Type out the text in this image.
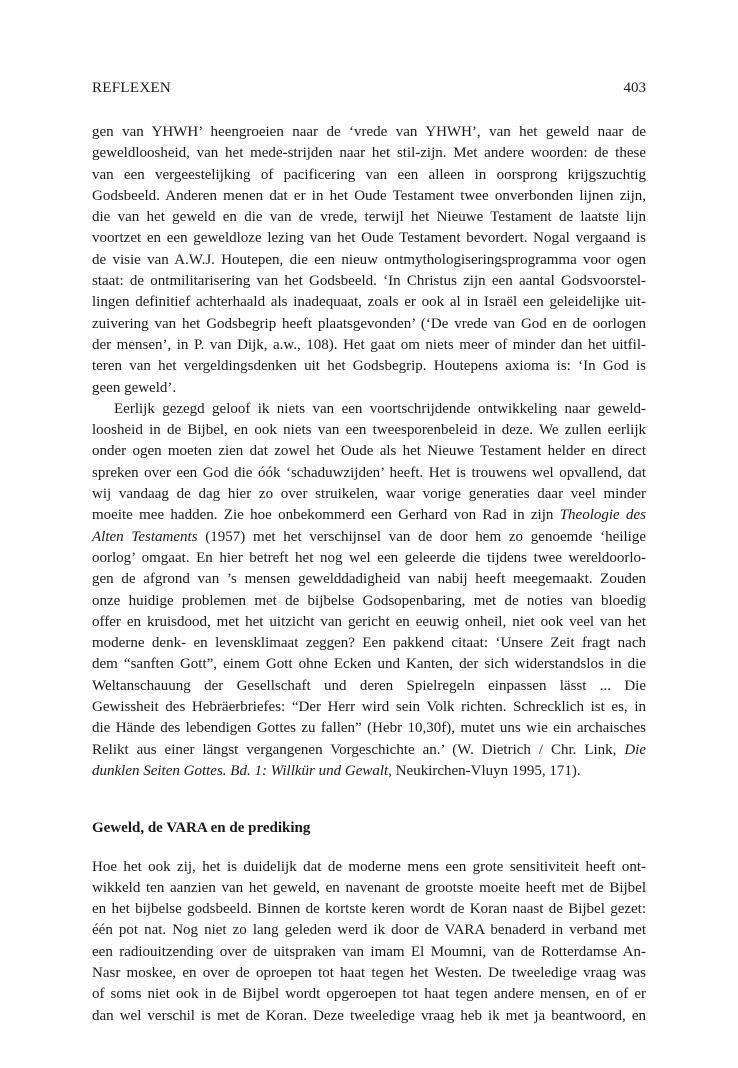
REFLEXEN	403
gen van YHWH’ heengroeien naar de ‘vrede van YHWH’, van het geweld naar de
geweldloosheid, van het mede-strijden naar het stil-zijn. Met andere woorden: de these
van een vergeestelijking of pacificering van een alleen in oorsprong krijgszuchtig
Godsbeeld. Anderen menen dat er in het Oude Testament twee onverbonden lijnen zijn,
die van het geweld en die van de vrede, terwijl het Nieuwe Testament de laatste lijn
voortzet en een geweldloze lezing van het Oude Testament bevordert. Nogal vergaand is
de visie van A.W.J. Houtepen, die een nieuw ontmythologiseringsprogramma voor ogen
staat: de ontmilitarisering van het Godsbeeld. ‘In Christus zijn een aantal Godsvoorstel-
lingen definitief achterhaald als inadequaat, zoals er ook al in Israël een geleidelijke uit-
zuivering van het Godsbegrip heeft plaatsgevonden’ (‘De vrede van God en de oorlogen
der mensen’, in P. van Dijk, a.w., 108). Het gaat om niets meer of minder dan het uitfil-
teren van het vergeldingsdenken uit het Godsbegrip. Houtepens axioma is: ‘In God is
geen geweld’.
Eerlijk gezegd geloof ik niets van een voortschrijdende ontwikkeling naar geweld-
loosheid in de Bijbel, en ook niets van een tweesporenbeleid in deze. We zullen eerlijk
onder ogen moeten zien dat zowel het Oude als het Nieuwe Testament helder en direct
spreken over een God die óók ‘schaduwzijden’ heeft. Het is trouwens wel opvallend, dat
wij vandaag de dag hier zo over struikelen, waar vorige generaties daar veel minder
moeite mee hadden. Zie hoe onbekommerd een Gerhard von Rad in zijn Theologie des
Alten Testaments (1957) met het verschijnsel van de door hem zo genoemde ‘heilige
oorlog’ omgaat. En hier betreft het nog wel een geleerde die tijdens twee wereldoorlo-
gen de afgrond van ’s mensen gewelddadigheid van nabij heeft meegemaakt. Zouden
onze huidige problemen met de bijbelse Godsopenbaring, met de noties van bloedig
offer en kruisdood, met het uitzicht van gericht en eeuwig onheil, niet ook veel van het
moderne denk- en levensklimaat zeggen? Een pakkend citaat: ‘Unsere Zeit fragt nach
dem “sanften Gott”, einem Gott ohne Ecken und Kanten, der sich widerstandslos in die
Weltanschauung der Gesellschaft und deren Spielregeln einpassen lässt ... Die
Gewissheit des Hebräerbriefes: “Der Herr wird sein Volk richten. Schrecklich ist es, in
die Hände des lebendigen Gottes zu fallen” (Hebr 10,30f), mutet uns wie ein archaisches
Relikt aus einer längst vergangenen Vorgeschichte an.’ (W. Dietrich / Chr. Link, Die
dunklen Seiten Gottes. Bd. 1: Willkür und Gewalt, Neukirchen-Vluyn 1995, 171).
Geweld, de VARA en de prediking
Hoe het ook zij, het is duidelijk dat de moderne mens een grote sensitiviteit heeft ont-
wikkeld ten aanzien van het geweld, en navenant de grootste moeite heeft met de Bijbel
en het bijbelse godsbeeld. Binnen de kortste keren wordt de Koran naast de Bijbel gezet:
één pot nat. Nog niet zo lang geleden werd ik door de VARA benaderd in verband met
een radiouitzending over de uitspraken van imam El Moumni, van de Rotterdamse An-
Nasr moskee, en over de oproepen tot haat tegen het Westen. De tweeledige vraag was
of soms niet ook in de Bijbel wordt opgeroepen tot haat tegen andere mensen, en of er
dan wel verschil is met de Koran. Deze tweeledige vraag heb ik met ja beantwoord, en
